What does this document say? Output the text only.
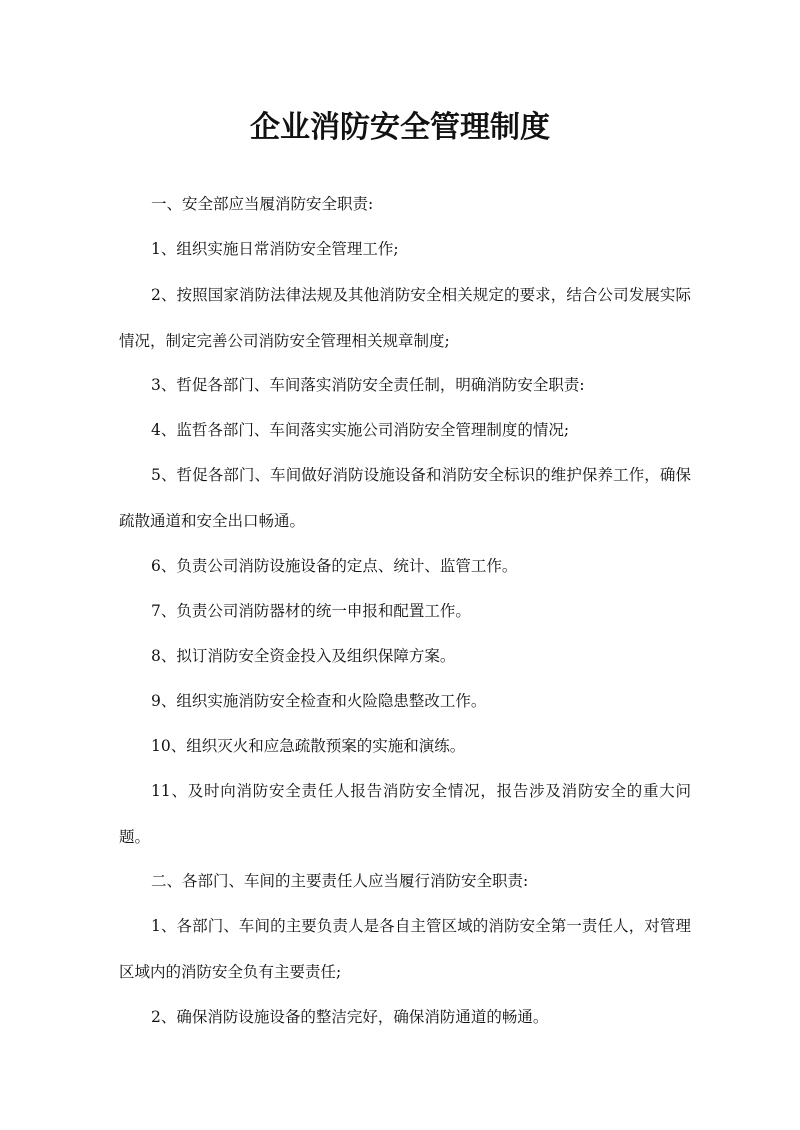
企业消防安全管理制度

一、安全部应当履消防安全职责:

1、组织实施日常消防安全管理工作;

2、按照国家消防法律法规及其他消防安全相关规定的要求，结合公司发展实际情况，制定完善公司消防安全管理相关规章制度;

3、哲促各部门、车间落实消防安全责任制，明确消防安全职责:

4、监哲各部门、车间落实实施公司消防安全管理制度的情况;

5、哲促各部门、车间做好消防设施设备和消防安全标识的维护保养工作，确保疏散通道和安全出口畅通。

6、负责公司消防设施设备的定点、统计、监管工作。

7、负责公司消防器材的统一申报和配置工作。

8、拟订消防安全资金投入及组织保障方案。

9、组织实施消防安全检查和火险隐患整改工作。

10、组织灭火和应急疏散预案的实施和演练。

11、及时向消防安全责任人报告消防安全情况，报告涉及消防安全的重大问题。

二、各部门、车间的主要责任人应当履行消防安全职责:

1、各部门、车间的主要负责人是各自主管区域的消防安全第一责任人，对管理区域内的消防安全负有主要责任;

2、确保消防设施设备的整洁完好，确保消防通道的畅通。
